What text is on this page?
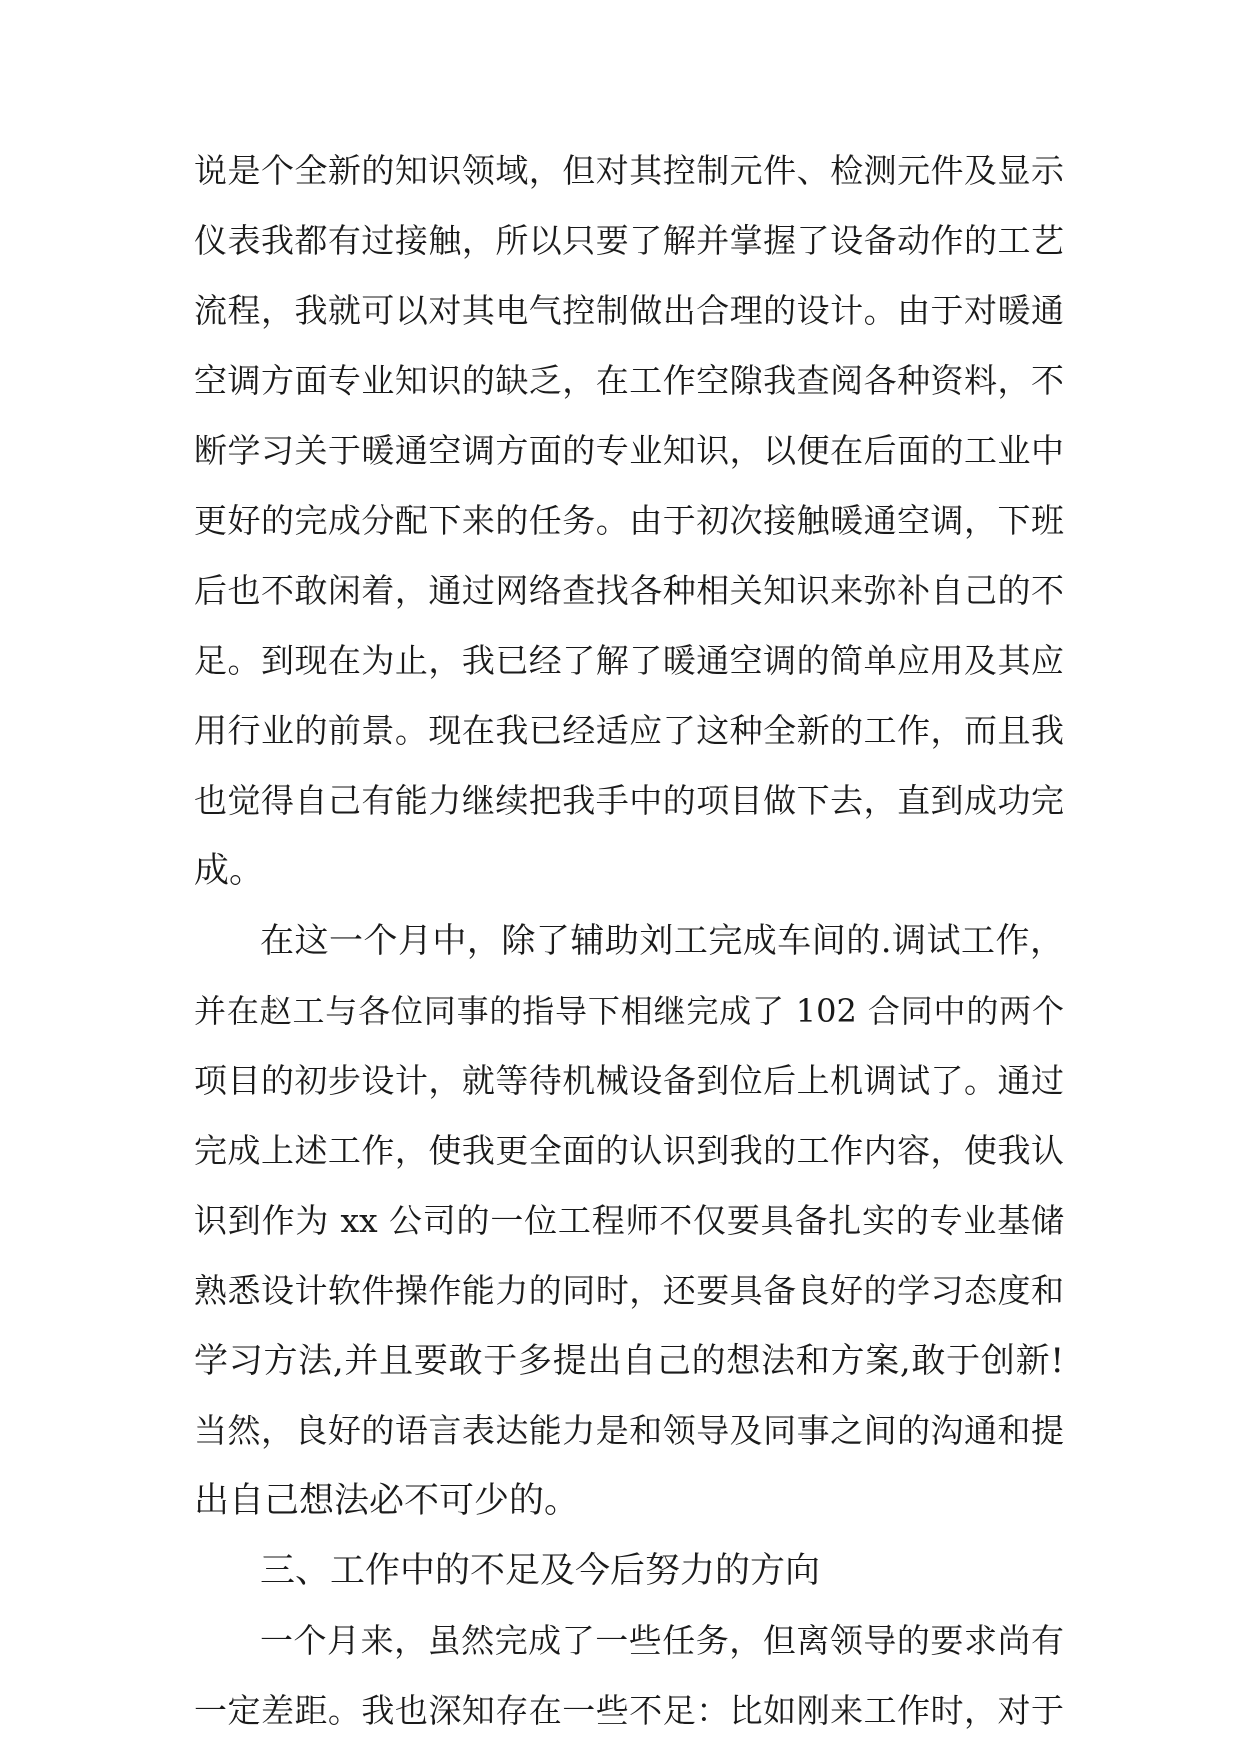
说是个全新的知识领域，但对其控制元件、检测元件及显示
仪表我都有过接触，所以只要了解并掌握了设备动作的工艺
流程，我就可以对其电气控制做出合理的设计。由于对暖通
空调方面专业知识的缺乏，在工作空隙我查阅各种资料，不
断学习关于暖通空调方面的专业知识，以便在后面的工业中
更好的完成分配下来的任务。由于初次接触暖通空调，下班
后也不敢闲着，通过网络查找各种相关知识来弥补自己的不
足。到现在为止，我已经了解了暖通空调的简单应用及其应
用行业的前景。现在我已经适应了这种全新的工作，而且我
也觉得自己有能力继续把我手中的项目做下去，直到成功完
成。
在这一个月中，除了辅助刘工完成车间的.调试工作，
并在赵工与各位同事的指导下相继完成了 102 合同中的两个
项目的初步设计，就等待机械设备到位后上机调试了。通过
完成上述工作，使我更全面的认识到我的工作内容，使我认
识到作为 xx 公司的一位工程师不仅要具备扎实的专业基储
熟悉设计软件操作能力的同时，还要具备良好的学习态度和
学习方法,并且要敢于多提出自己的想法和方案,敢于创新!
当然，良好的语言表达能力是和领导及同事之间的沟通和提
出自己想法必不可少的。
三、工作中的不足及今后努力的方向
一个月来，虽然完成了一些任务，但离领导的要求尚有
一定差距。我也深知存在一些不足：比如刚来工作时，对于
